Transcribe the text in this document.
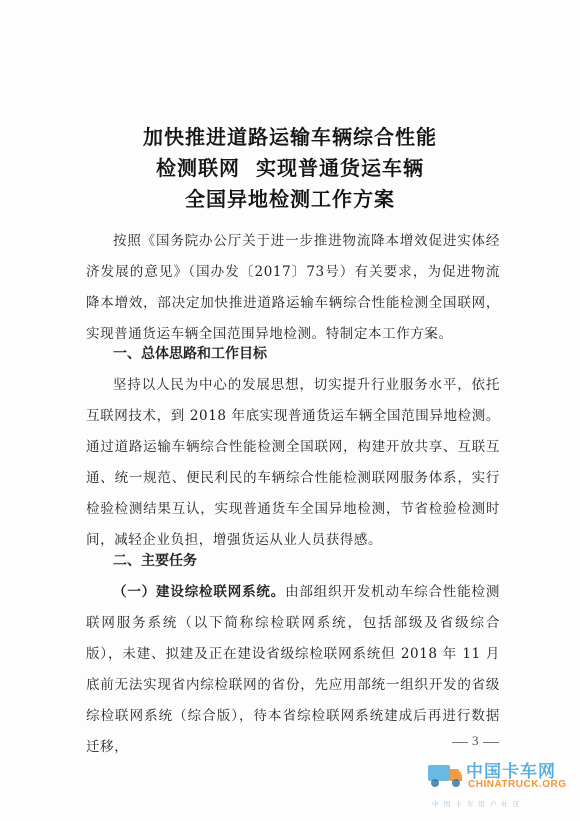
加快推进道路运输车辆综合性能
检测联网  实现普通货运车辆
全国异地检测工作方案

按照《国务院办公厅关于进一步推进物流降本增效促进实体经济发展的意见》（国办发〔2017〕73号）有关要求，为促进物流降本增效，部决定加快推进道路运输车辆综合性能检测全国联网，实现普通货运车辆全国范围异地检测。特制定本工作方案。

一、总体思路和工作目标

坚持以人民为中心的发展思想，切实提升行业服务水平，依托互联网技术，到 2018 年底实现普通货运车辆全国范围异地检测。通过道路运输车辆综合性能检测全国联网，构建开放共享、互联互通、统一规范、便民利民的车辆综合性能检测联网服务体系，实行检验检测结果互认，实现普通货车全国异地检测，节省检验检测时间，减轻企业负担，增强货运从业人员获得感。

二、主要任务

（一）建设综检联网系统。由部组织开发机动车综合性能检测联网服务系统（以下简称综检联网系统，包括部级及省级综合版），未建、拟建及正在建设省级综检联网系统但 2018 年 11 月底前无法实现省内综检联网的省份，先应用部统一组织开发的省级综检联网系统（综合版），待本省综检联网系统建成后再进行数据迁移，	3
中国卡车网
CHINATRUCK.ORG
中 国 卡 车 用 户 社 区
